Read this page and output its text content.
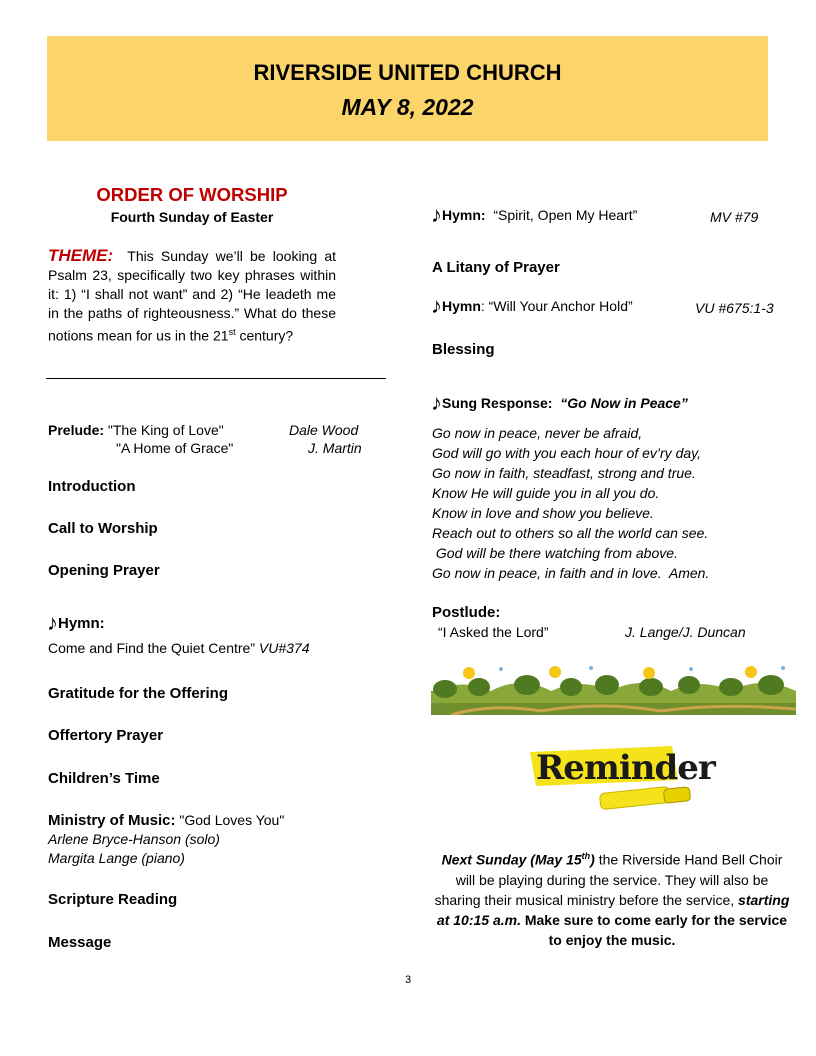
RIVERSIDE UNITED CHURCH
MAY 8, 2022
ORDER OF WORSHIP
Fourth Sunday of Easter
THEME: This Sunday we’ll be looking at Psalm 23, specifically two key phrases within it: 1) “I shall not want” and 2) “He leadeth me in the paths of righteousness.” What do these notions mean for us in the 21st century?
Prelude: "The King of Love"	Dale Wood
"A Home of Grace"	J. Martin
Introduction
Call to Worship
Opening Prayer
♪Hymn:
Come and Find the Quiet Centre” VU#374
Gratitude for the Offering
Offertory Prayer
Children’s Time
Ministry of Music: "God Loves You"
Arlene Bryce-Hanson (solo)
Margita Lange (piano)
Scripture Reading
Message
♪Hymn: “Spirit, Open My Heart”	MV #79
A Litany of Prayer
♪Hymn: “Will Your Anchor Hold”	VU #675:1-3
Blessing
♪Sung Response: “Go Now in Peace”
Go now in peace, never be afraid,
God will go with you each hour of ev’ry day,
Go now in faith, steadfast, strong and true.
Know He will guide you in all you do.
Know in love and show you believe.
Reach out to others so all the world can see.
God will be there watching from above.
Go now in peace, in faith and in love.  Amen.
Postlude:
“I Asked the Lord”	J. Lange/J. Duncan
Reminder
Next Sunday (May 15th) the Riverside Hand Bell Choir will be playing during the service. They will also be sharing their musical ministry before the service, starting at 10:15 a.m. Make sure to come early for the service to enjoy the music.
3
